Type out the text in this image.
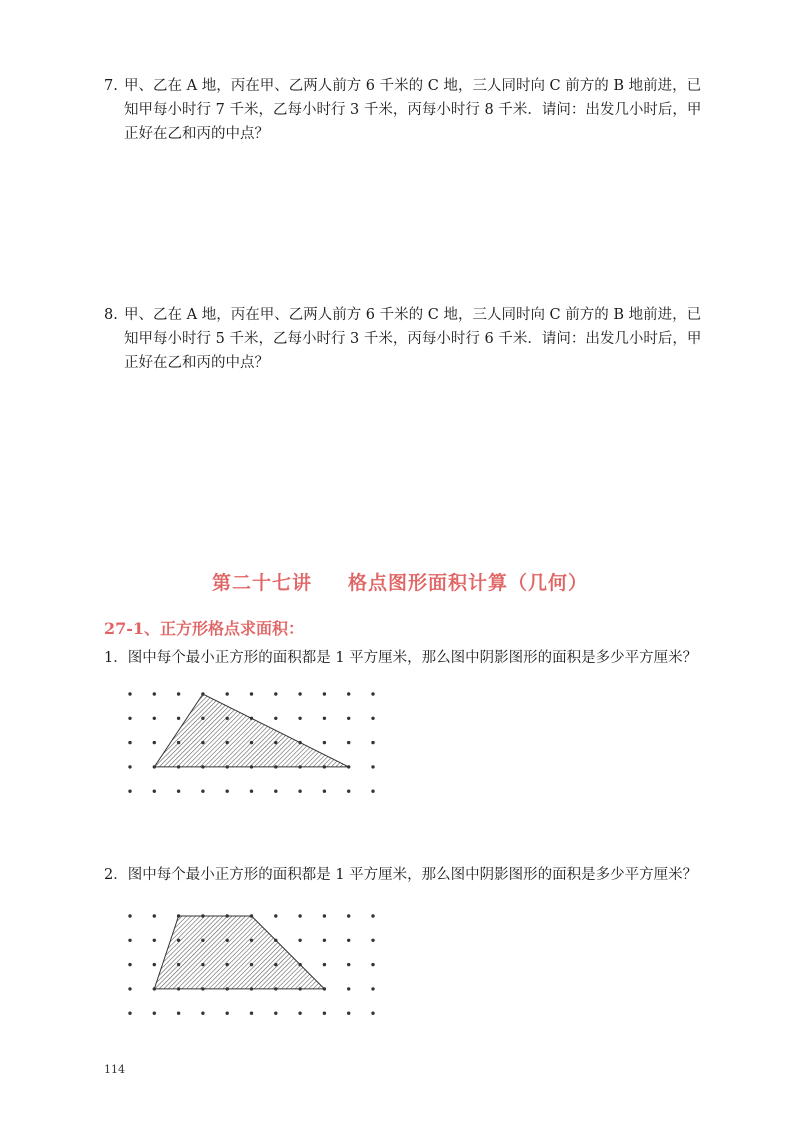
7. 甲、乙在 A 地，丙在甲、乙两人前方 6 千米的 C 地，三人同时向 C 前方的 B 地前进，已
知甲每小时行 7 千米，乙每小时行 3 千米，丙每小时行 8 千米．请问：出发几小时后，甲
正好在乙和丙的中点？
8. 甲、乙在 A 地，丙在甲、乙两人前方 6 千米的 C 地，三人同时向 C 前方的 B 地前进，已
知甲每小时行 5 千米，乙每小时行 3 千米，丙每小时行 6 千米．请问：出发几小时后，甲
正好在乙和丙的中点？
第二十七讲 格点图形面积计算（几何）
27-1、正方形格点求面积：
1．图中每个最小正方形的面积都是 1 平方厘米，那么图中阴影图形的面积是多少平方厘米？
2．图中每个最小正方形的面积都是 1 平方厘米，那么图中阴影图形的面积是多少平方厘米？
114
